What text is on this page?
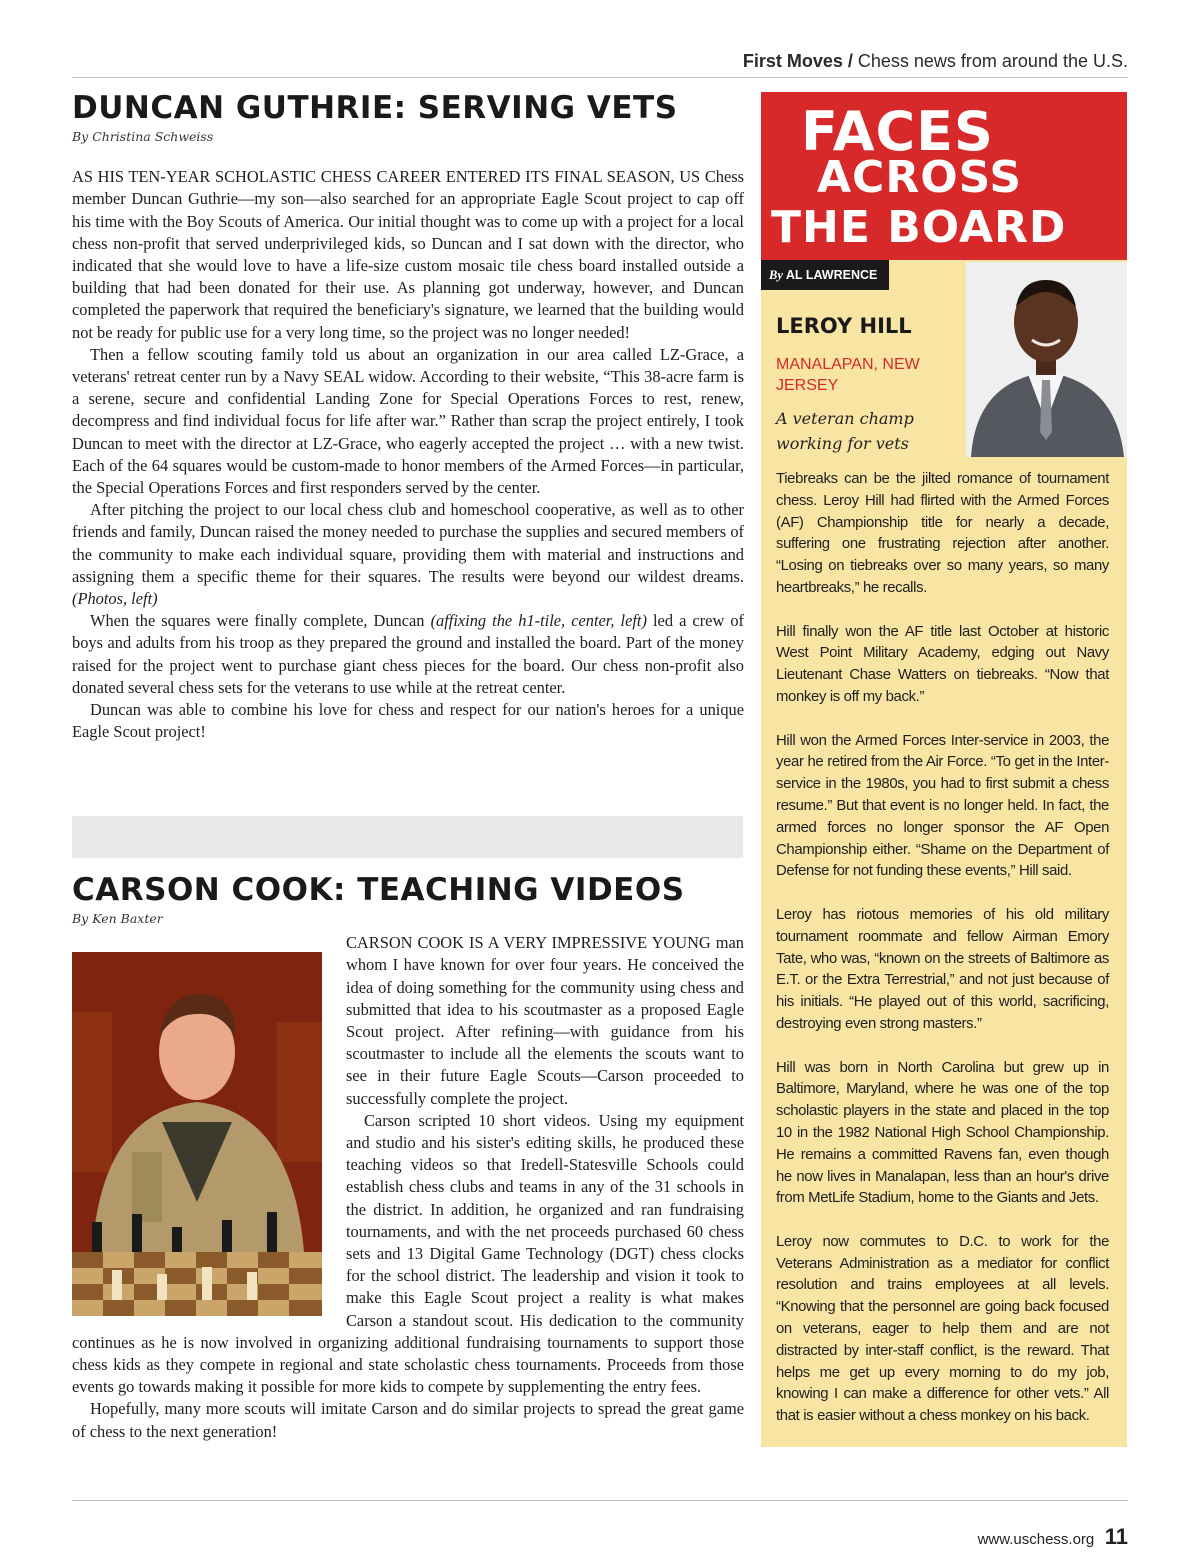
First Moves / Chess news from around the U.S.
DUNCAN GUTHRIE: SERVING VETS
By Christina Schweiss

AS HIS TEN-YEAR SCHOLASTIC CHESS CAREER ENTERED ITS FINAL SEASON, US Chess member Duncan Guthrie—my son—also searched for an appropriate Eagle Scout project to cap off his time with the Boy Scouts of America. Our initial thought was to come up with a project for a local chess non-profit that served underprivileged kids, so Duncan and I sat down with the director, who indicated that she would love to have a life-size custom mosaic tile chess board installed outside a building that had been donated for their use. As planning got underway, however, and Duncan completed the paperwork that required the beneficiary's signature, we learned that the building would not be ready for public use for a very long time, so the project was no longer needed!

Then a fellow scouting family told us about an organization in our area called LZ-Grace, a veterans' retreat center run by a Navy SEAL widow. According to their website, “This 38-acre farm is a serene, secure and confidential Landing Zone for Special Operations Forces to rest, renew, decompress and find individual focus for life after war.” Rather than scrap the project entirely, I took Duncan to meet with the director at LZ-Grace, who eagerly accepted the project … with a new twist. Each of the 64 squares would be custom-made to honor members of the Armed Forces—in particular, the Special Operations Forces and first responders served by the center.

After pitching the project to our local chess club and homeschool cooperative, as well as to other friends and family, Duncan raised the money needed to purchase the supplies and secured members of the community to make each individual square, providing them with material and instructions and assigning them a specific theme for their squares. The results were beyond our wildest dreams. (Photos, left)

When the squares were finally complete, Duncan (affixing the h1-tile, center, left) led a crew of boys and adults from his troop as they prepared the ground and installed the board. Part of the money raised for the project went to purchase giant chess pieces for the board. Our chess non-profit also donated several chess sets for the veterans to use while at the retreat center.

Duncan was able to combine his love for chess and respect for our nation's heroes for a unique Eagle Scout project!

CARSON COOK: TEACHING VIDEOS
By Ken Baxter

CARSON COOK IS A VERY IMPRESSIVE YOUNG man whom I have known for over four years. He conceived the idea of doing something for the community using chess and submitted that idea to his scoutmaster as a proposed Eagle Scout project. After refining—with guidance from his scoutmaster to include all the elements the scouts want to see in their future Eagle Scouts—Carson proceeded to successfully complete the project.

Carson scripted 10 short videos. Using my equipment and studio and his sister's editing skills, he produced these teaching videos so that Iredell-Statesville Schools could establish chess clubs and teams in any of the 31 schools in the district. In addition, he organized and ran fundraising tournaments, and with the net proceeds purchased 60 chess sets and 13 Digital Game Technology (DGT) chess clocks for the school district. The leadership and vision it took to make this Eagle Scout project a reality is what makes Carson a standout scout. His dedication to the community continues as he is now involved in organizing additional fundraising tournaments to support those chess kids as they compete in regional and state scholastic chess tournaments. Proceeds from those events go towards making it possible for more kids to compete by supplementing the entry fees.

Hopefully, many more scouts will imitate Carson and do similar projects to spread the great game of chess to the next generation!

FACES
ACROSS
THE BOARD
By AL LAWRENCE
LEROY HILL
MANALAPAN, NEW JERSEY
A veteran champ working for vets

Tiebreaks can be the jilted romance of tournament chess. Leroy Hill had flirted with the Armed Forces (AF) Championship title for nearly a decade, suffering one frustrating rejection after another. “Losing on tiebreaks over so many years, so many heartbreaks,” he recalls.

Hill finally won the AF title last October at historic West Point Military Academy, edging out Navy Lieutenant Chase Watters on tiebreaks. “Now that monkey is off my back.”

Hill won the Armed Forces Inter-service in 2003, the year he retired from the Air Force. “To get in the Inter-service in the 1980s, you had to first submit a chess resume.” But that event is no longer held. In fact, the armed forces no longer sponsor the AF Open Championship either. “Shame on the Department of Defense for not funding these events,” Hill said.

Leroy has riotous memories of his old military tournament roommate and fellow Airman Emory Tate, who was, “known on the streets of Baltimore as E.T. or the Extra Terrestrial,” and not just because of his initials. “He played out of this world, sacrificing, destroying even strong masters.”

Hill was born in North Carolina but grew up in Baltimore, Maryland, where he was one of the top scholastic players in the state and placed in the top 10 in the 1982 National High School Championship. He remains a committed Ravens fan, even though he now lives in Manalapan, less than an hour's drive from MetLife Stadium, home to the Giants and Jets.

Leroy now commutes to D.C. to work for the Veterans Administration as a mediator for conflict resolution and trains employees at all levels. “Knowing that the personnel are going back focused on veterans, eager to help them and are not distracted by inter-staff conflict, is the reward. That helps me get up every morning to do my job, knowing I can make a difference for other vets.” All that is easier without a chess monkey on his back.

www.uschess.org 11
